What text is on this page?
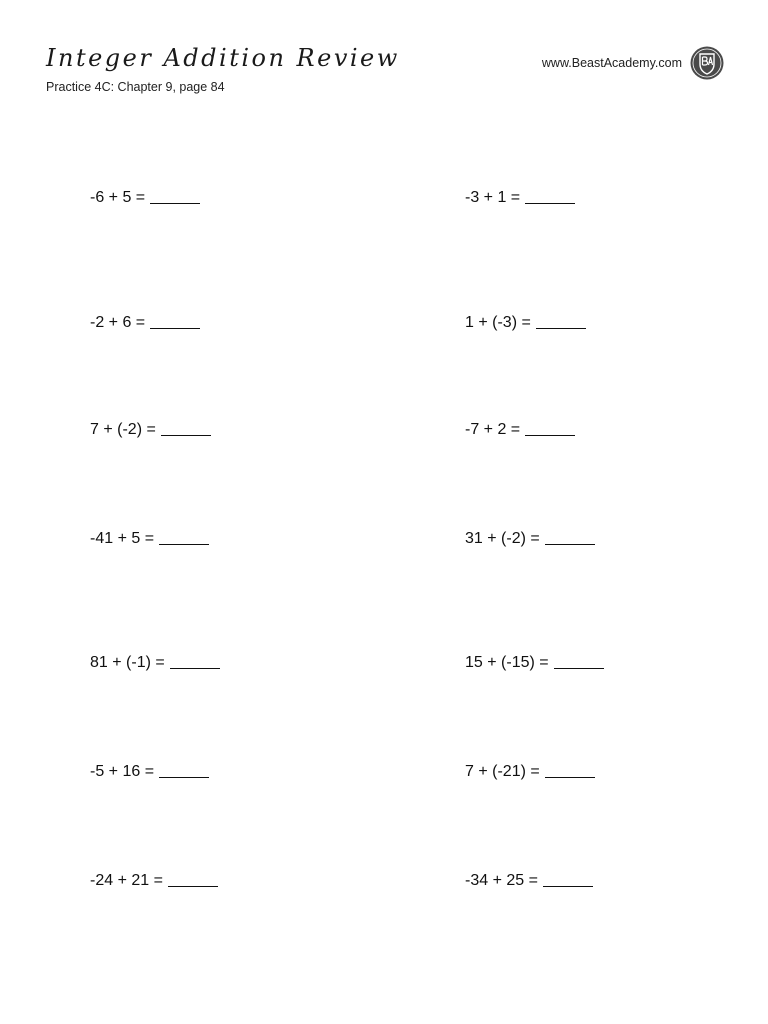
Integer Addition Review
Practice 4C: Chapter 9, page 84
www.BeastAcademy.com
-6 + 5 =
-2 + 6 =
7 + (-2) =
-41 + 5 =
81 + (-1) =
-5 + 16 =
-24 + 21 =
-3 + 1 =
1 + (-3) =
-7 + 2 =
31 + (-2) =
15 + (-15) =
7 + (-21) =
-34 + 25 =
